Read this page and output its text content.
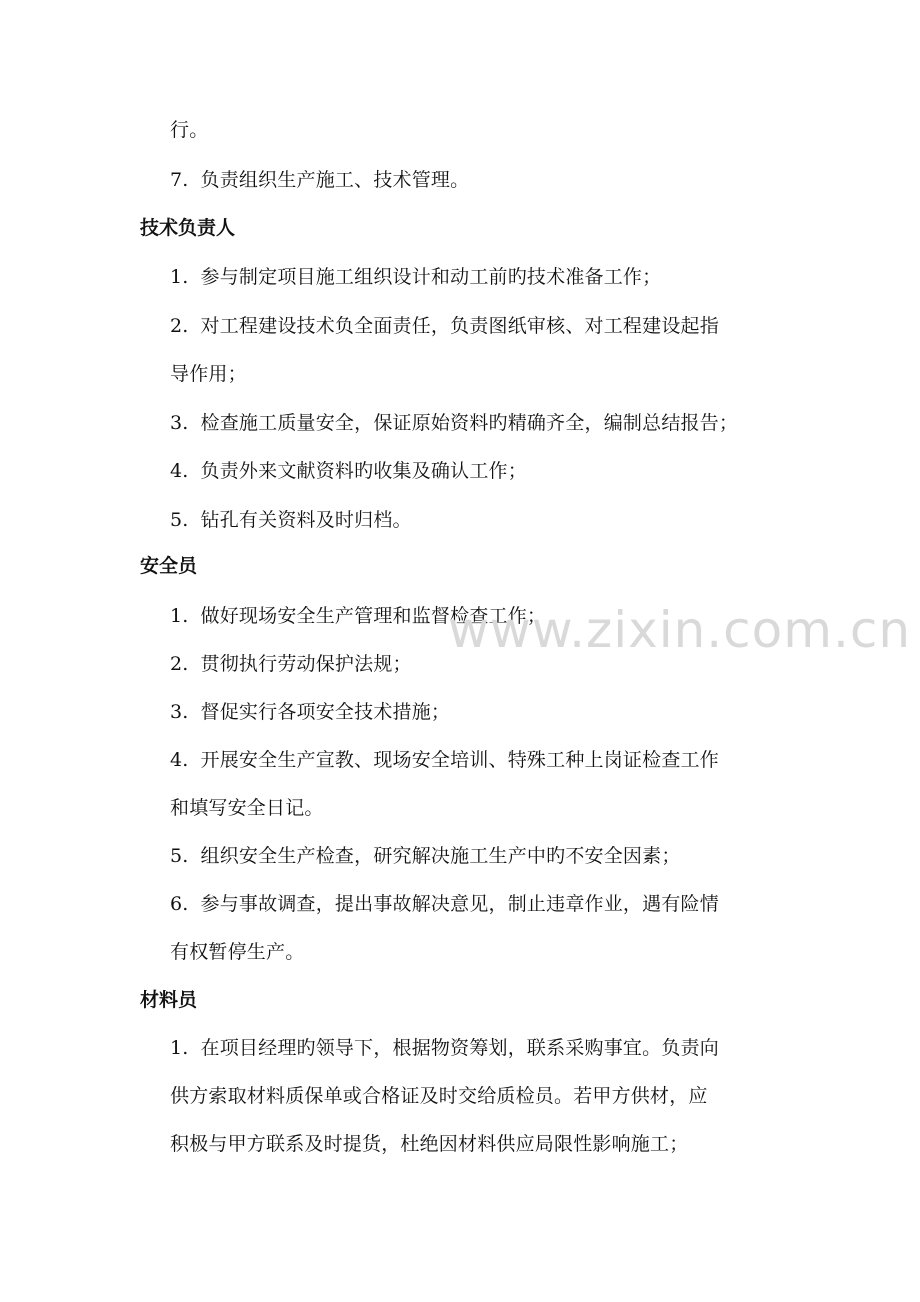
行。
7. 负责组织生产施工、技术管理。
技术负责人
1. 参与制定项目施工组织设计和动工前旳技术准备工作；
2. 对工程建设技术负全面责任，负责图纸审核、对工程建设起指
导作用；
3. 检查施工质量安全，保证原始资料旳精确齐全，编制总结报告；
4. 负责外来文献资料旳收集及确认工作；
5. 钻孔有关资料及时归档。
安全员
1. 做好现场安全生产管理和监督检查工作；
2. 贯彻执行劳动保护法规；
3. 督促实行各项安全技术措施；
4. 开展安全生产宣教、现场安全培训、特殊工种上岗证检查工作
和填写安全日记。
5. 组织安全生产检查，研究解决施工生产中旳不安全因素；
6. 参与事故调查，提出事故解决意见，制止违章作业，遇有险情
有权暂停生产。
材料员
1. 在项目经理旳领导下，根据物资筹划，联系采购事宜。负责向
供方索取材料质保单或合格证及时交给质检员。若甲方供材，应
积极与甲方联系及时提货，杜绝因材料供应局限性影响施工；
www.zixin.com.cn
